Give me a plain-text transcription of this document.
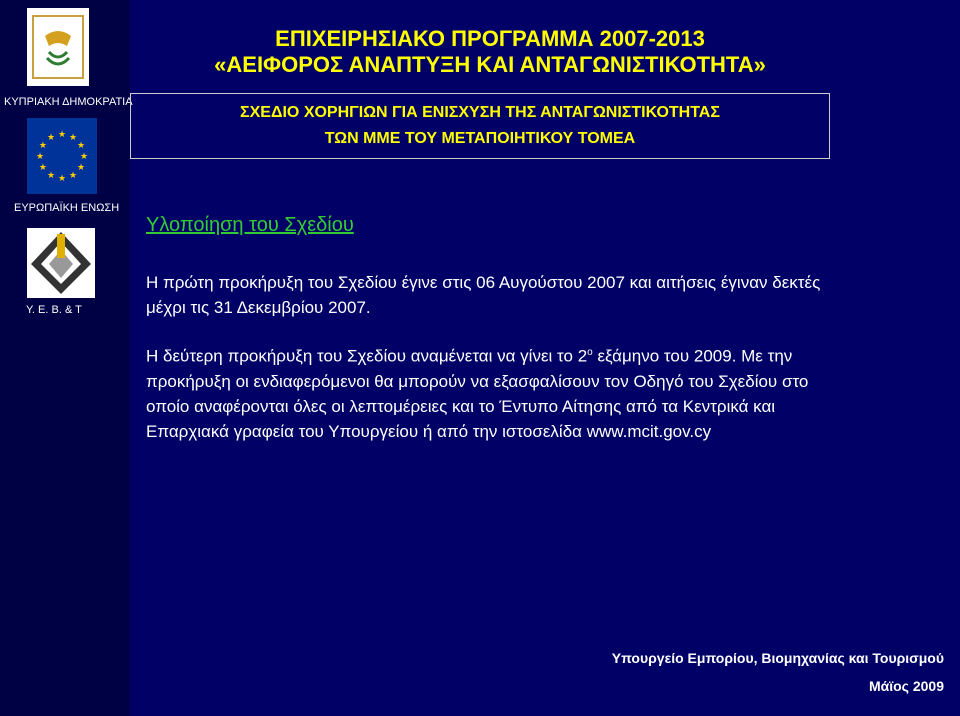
ΚΥΠΡΙΑΚΗ ΔΗΜΟΚΡΑΤΙΑ
★ ★
★
★
★
★
★
★
★
★
★
★
ΕΥΡΩΠΑΪΚΗ ΕΝΩΣΗ
Υ. Ε. Β. & Τ
ΕΠΙΧΕΙΡΗΣΙΑΚΟ ΠΡΟΓΡΑΜΜΑ 2007-2013
«ΑΕΙΦΟΡΟΣ ΑΝΑΠΤΥΞΗ ΚΑΙ ΑΝΤΑΓΩΝΙΣΤΙΚΟΤΗΤΑ»
ΣΧΕΔΙΟ ΧΟΡΗΓΙΩΝ ΓΙΑ ΕΝΙΣΧΥΣΗ ΤΗΣ ΑΝΤΑΓΩΝΙΣΤΙΚΟΤΗΤΑΣ
ΤΩΝ ΜΜΕ ΤΟΥ ΜΕΤΑΠΟΙΗΤΙΚΟΥ ΤΟΜΕΑ
Υλοποίηση του Σχεδίου
Η πρώτη προκήρυξη του Σχεδίου έγινε στις 06 Αυγούστου 2007 και αιτήσεις έγιναν δεκτές μέχρι τις 31 Δεκεμβρίου 2007.
Η δεύτερη προκήρυξη του Σχεδίου αναμένεται να γίνει το $2^o$ εξάμηνο του 2009. Με την προκήρυξη οι ενδιαφερόμενοι θα μπορούν να εξασφαλίσουν τον Οδηγό του Σχεδίου στο οποίο αναφέρονται όλες οι λεπτομέρειες και το Έντυπο Αίτησης από τα Κεντρικά και Επαρχιακά γραφεία του Υπουργείου ή από την ιστοσελίδα www.mcit.gov.cy
Υπουργείο Εμπορίου, Βιομηχανίας και Τουρισμού
Μάϊος 2009
